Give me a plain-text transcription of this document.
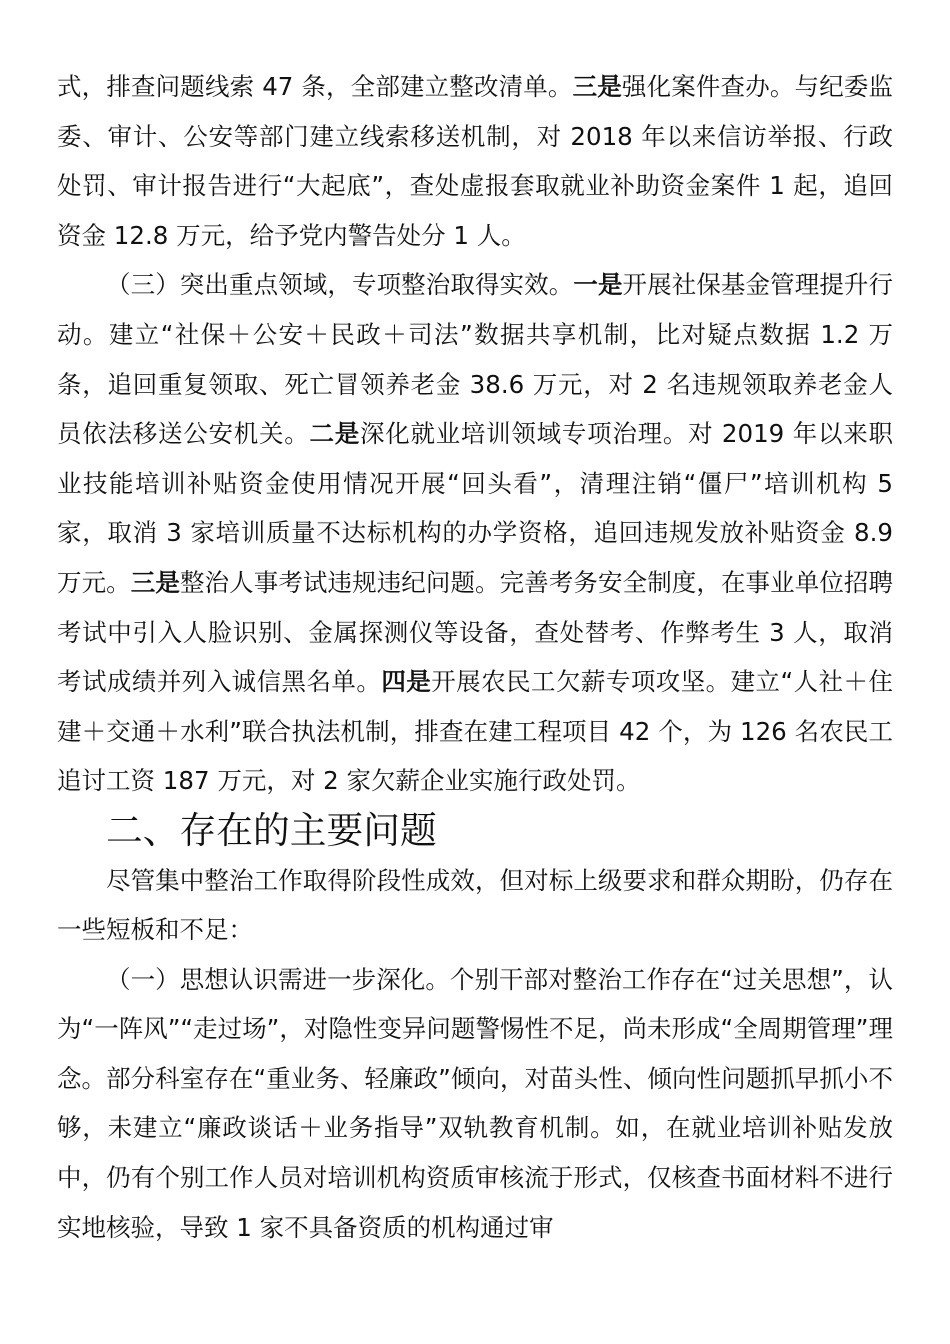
式，排查问题线索 47 条，全部建立整改清单。三是强化案件查办。与纪委监委、审计、公安等部门建立线索移送机制，对 2018 年以来信访举报、行政处罚、审计报告进行“大起底”，查处虚报套取就业补助资金案件 1 起，追回资金 12.8 万元，给予党内警告处分 1 人。

（三）突出重点领域，专项整治取得实效。一是开展社保基金管理提升行动。建立“社保＋公安＋民政＋司法”数据共享机制，比对疑点数据 1.2 万条，追回重复领取、死亡冒领养老金 38.6 万元，对 2 名违规领取养老金人员依法移送公安机关。二是深化就业培训领域专项治理。对 2019 年以来职业技能培训补贴资金使用情况开展“回头看”，清理注销“僵尸”培训机构 5 家，取消 3 家培训质量不达标机构的办学资格，追回违规发放补贴资金 8.9 万元。三是整治人事考试违规违纪问题。完善考务安全制度，在事业单位招聘考试中引入人脸识别、金属探测仪等设备，查处替考、作弊考生 3 人，取消考试成绩并列入诚信黑名单。四是开展农民工欠薪专项攻坚。建立“人社＋住建＋交通＋水利”联合执法机制，排查在建工程项目 42 个，为 126 名农民工追讨工资 187 万元，对 2 家欠薪企业实施行政处罚。

二、存在的主要问题

尽管集中整治工作取得阶段性成效，但对标上级要求和群众期盼，仍存在一些短板和不足：

（一）思想认识需进一步深化。个别干部对整治工作存在“过关思想”，认为“一阵风”“走过场”，对隐性变异问题警惕性不足，尚未形成“全周期管理”理念。部分科室存在“重业务、轻廉政”倾向，对苗头性、倾向性问题抓早抓小不够，未建立“廉政谈话＋业务指导”双轨教育机制。如，在就业培训补贴发放中，仍有个别工作人员对培训机构资质审核流于形式，仅核查书面材料不进行实地核验，导致 1 家不具备资质的机构通过审
